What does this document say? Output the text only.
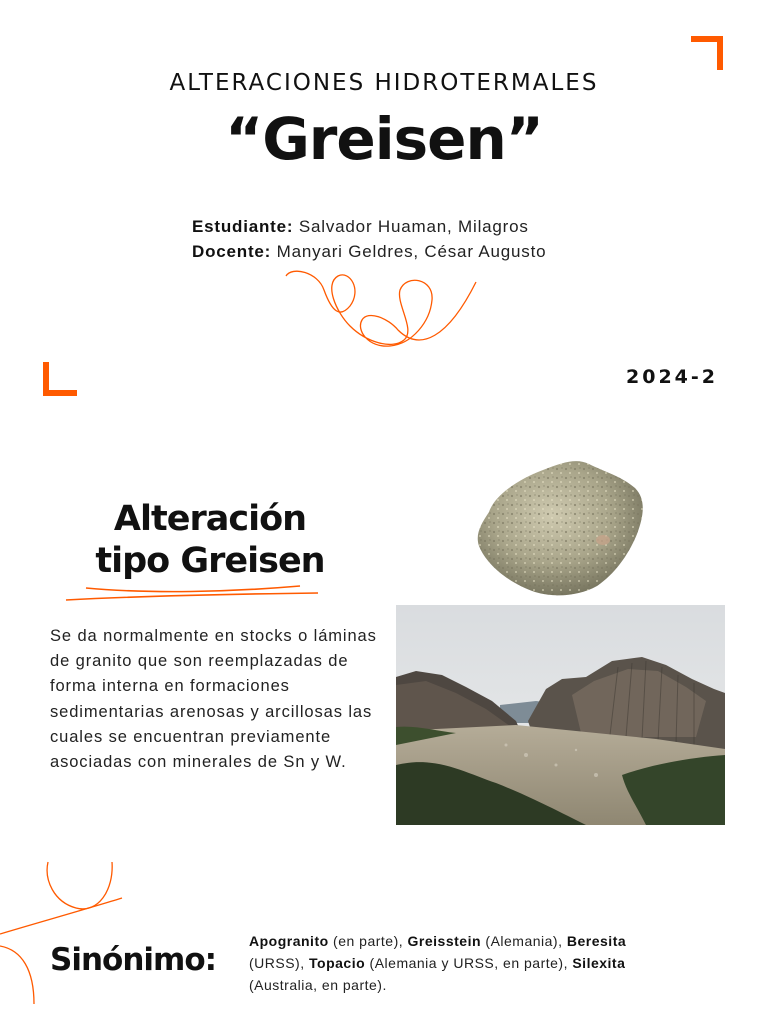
ALTERACIONES HIDROTERMALES
“Greisen”
Estudiante: Salvador Huaman, Milagros
Docente: Manyari Geldres, César Augusto
2024-2
Alteración
tipo Greisen
Se da normalmente en stocks o láminas de granito que son reemplazadas de forma interna en formaciones sedimentarias arenosas y arcillosas las cuales se encuentran previamente asociadas con minerales de Sn y W.
Sinónimo:
Apogranito (en parte), Greisstein (Alemania), Beresita (URSS), Topacio (Alemania y URSS, en parte), Silexita (Australia, en parte).
